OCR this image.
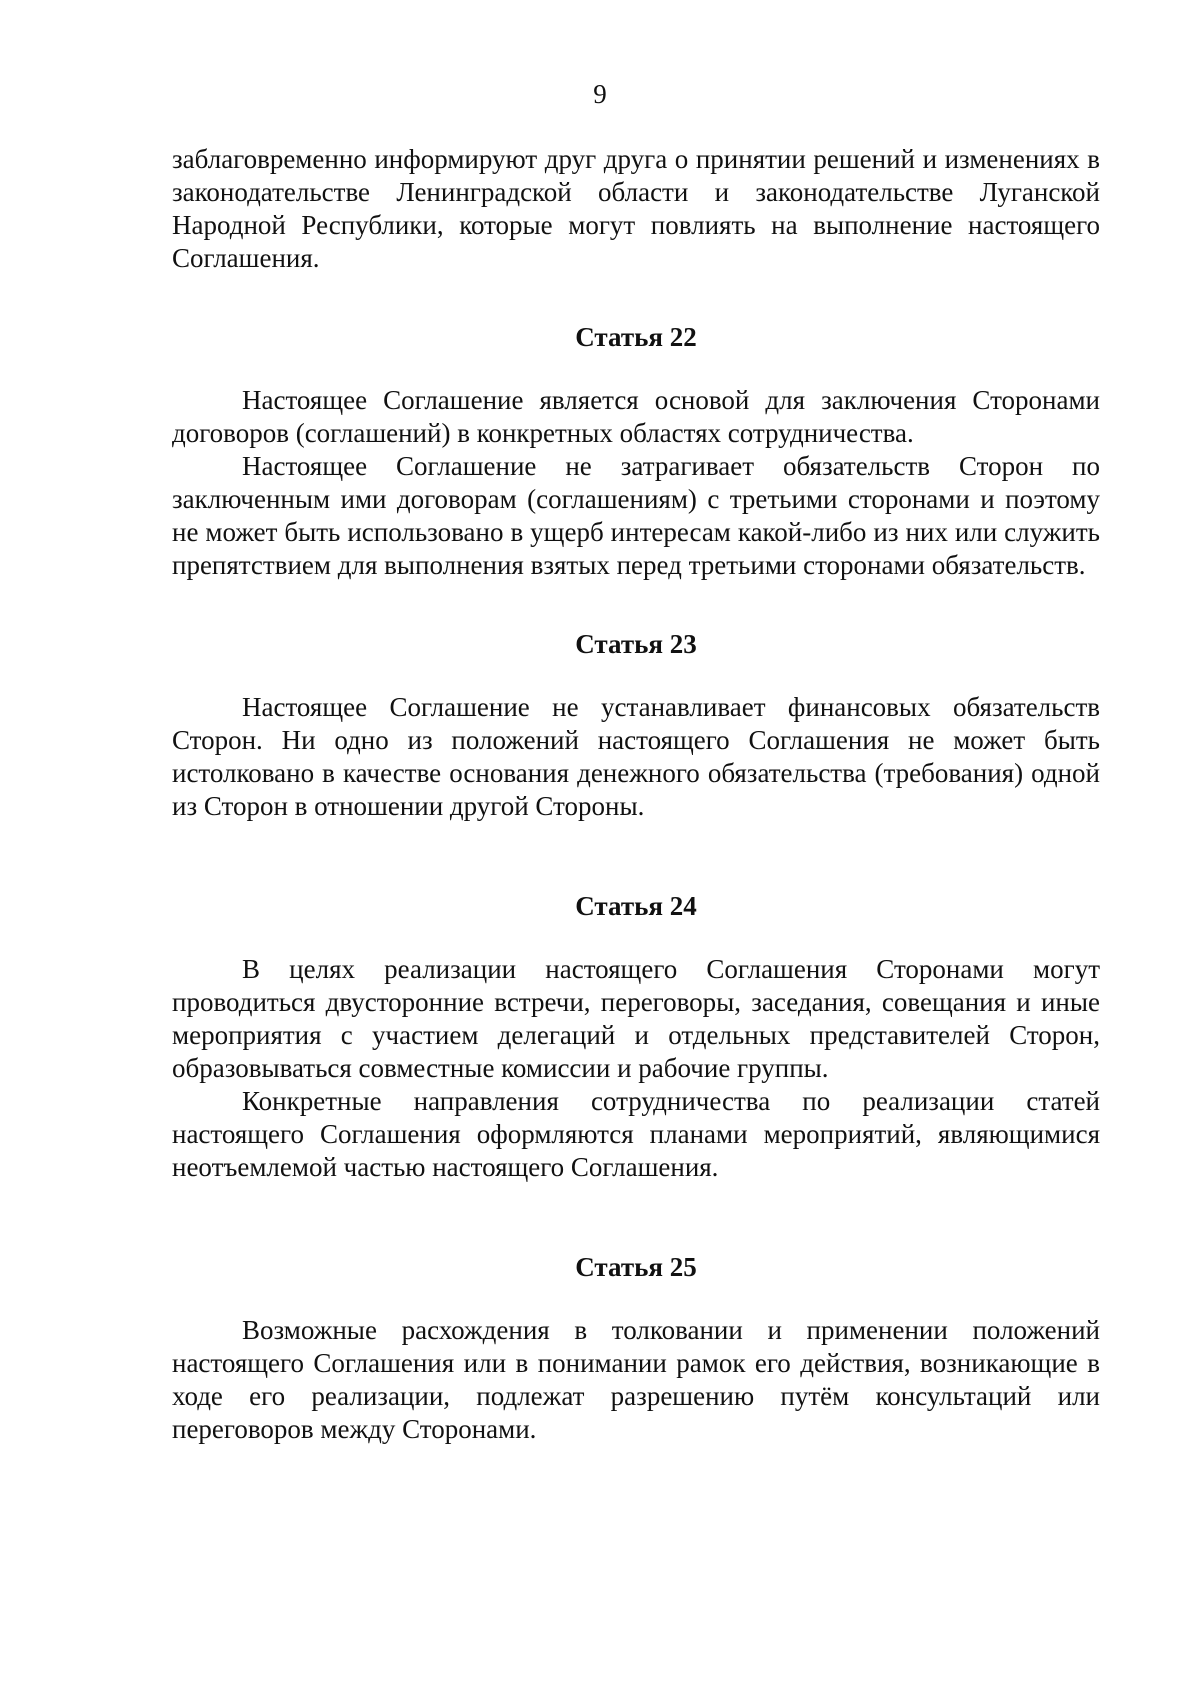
9

заблаговременно информируют друг друга о принятии решений и изменениях в законодательстве Ленинградской области и законодательстве Луганской Народной Республики, которые могут повлиять на выполнение настоящего Соглашения.

Статья 22

Настоящее Соглашение является основой для заключения Сторонами договоров (соглашений) в конкретных областях сотрудничества.

Настоящее Соглашение не затрагивает обязательств Сторон по заключенным ими договорам (соглашениям) с третьими сторонами и поэтому не может быть использовано в ущерб интересам какой-либо из них или служить препятствием для выполнения взятых перед третьими сторонами обязательств.

Статья 23

Настоящее Соглашение не устанавливает финансовых обязательств Сторон. Ни одно из положений настоящего Соглашения не может быть истолковано в качестве основания денежного обязательства (требования) одной из Сторон в отношении другой Стороны.

Статья 24

В целях реализации настоящего Соглашения Сторонами могут проводиться двусторонние встречи, переговоры, заседания, совещания и иные мероприятия с участием делегаций и отдельных представителей Сторон, образовываться совместные комиссии и рабочие группы.

Конкретные направления сотрудничества по реализации статей настоящего Соглашения оформляются планами мероприятий, являющимися неотъемлемой частью настоящего Соглашения.

Статья 25

Возможные расхождения в толковании и применении положений настоящего Соглашения или в понимании рамок его действия, возникающие в ходе его реализации, подлежат разрешению путём консультаций или переговоров между Сторонами.
